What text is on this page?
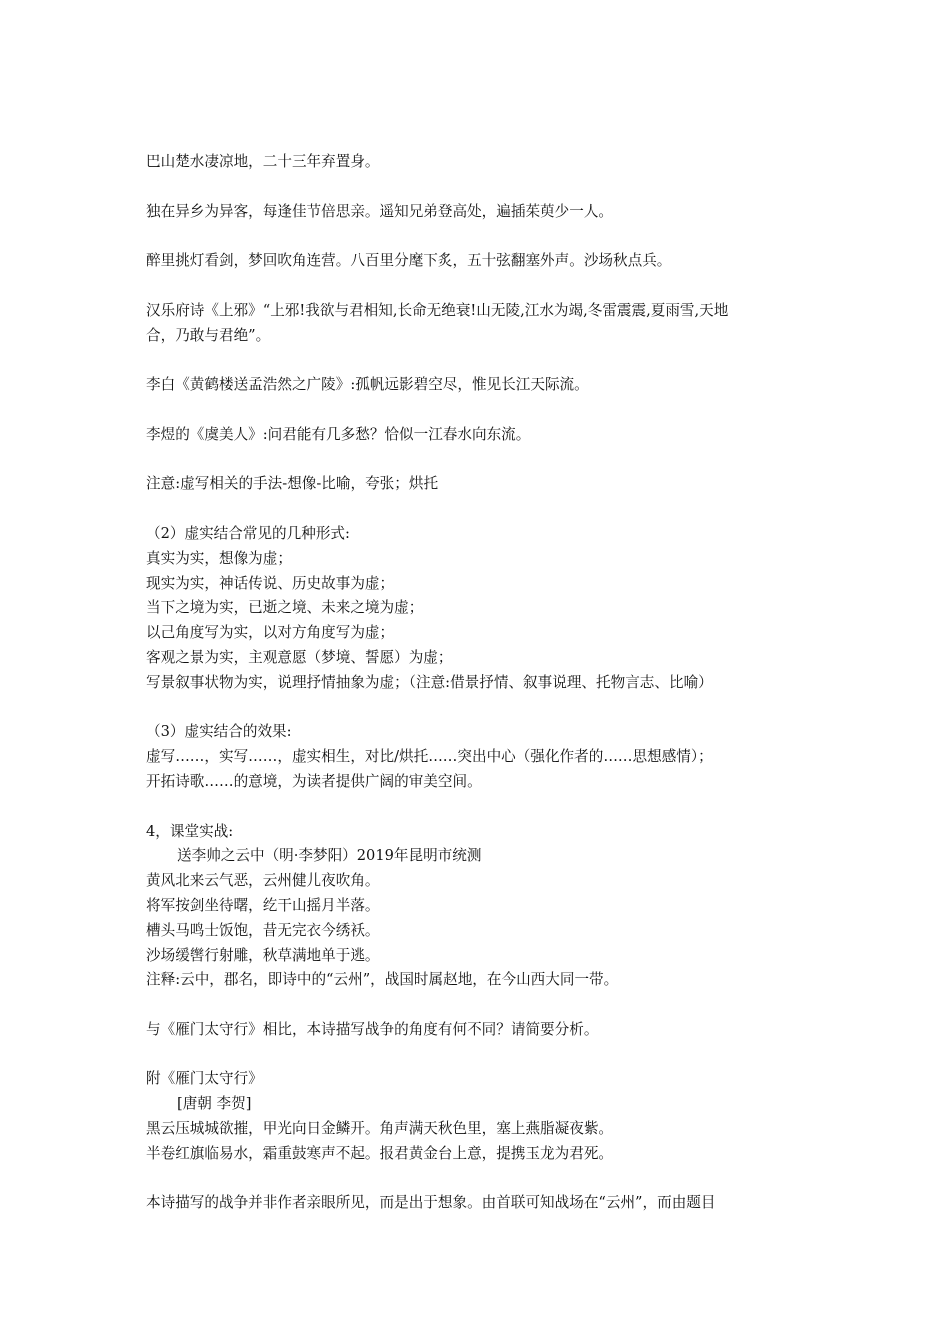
巴山楚水凄凉地，二十三年弃置身。
独在异乡为异客，每逢佳节倍思亲。遥知兄弟登高处，遍插茱萸少一人。
醉里挑灯看剑，梦回吹角连营。八百里分麾下炙，五十弦翻塞外声。沙场秋点兵。
汉乐府诗《上邪》“上邪!我欲与君相知,长命无绝衰!山无陵,江水为竭,冬雷震震,夏雨雪,天地
合，乃敢与君绝”。
李白《黄鹤楼送孟浩然之广陵》:孤帆远影碧空尽，惟见长江天际流。
李煜的《虞美人》:问君能有几多愁？恰似一江春水向东流。
注意:虚写相关的手法-想像-比喻，夸张；烘托
（2）虚实结合常见的几种形式:
真实为实，想像为虚；
现实为实，神话传说、历史故事为虚；
当下之境为实，已逝之境、未来之境为虚；
以己角度写为实，以对方角度写为虚；
客观之景为实，主观意愿（梦境、誓愿）为虚；
写景叙事状物为实，说理抒情抽象为虚；（注意:借景抒情、叙事说理、托物言志、比喻）
（3）虚实结合的效果:
虚写……，实写……，虚实相生，对比/烘托……突出中心（强化作者的……思想感情）；
开拓诗歌……的意境，为读者提供广阔的审美空间。
4，课堂实战:
送李帅之云中（明·李梦阳）2019年昆明市统测
黄风北来云气恶，云州健儿夜吹角。
将军按剑坐待曙，纥干山摇月半落。
槽头马鸣士饭饱，昔无完衣今绣袄。
沙场缓辔行射雕，秋草满地单于逃。
注释:云中，郡名，即诗中的“云州”，战国时属赵地，在今山西大同一带。
与《雁门太守行》相比，本诗描写战争的角度有何不同？请简要分析。
附《雁门太守行》
[唐朝 李贺]
黑云压城城欲摧，甲光向日金鳞开。角声满天秋色里，塞上燕脂凝夜紫。
半卷红旗临易水，霜重鼓寒声不起。报君黄金台上意，提携玉龙为君死。
本诗描写的战争并非作者亲眼所见，而是出于想象。由首联可知战场在“云州”，而由题目
